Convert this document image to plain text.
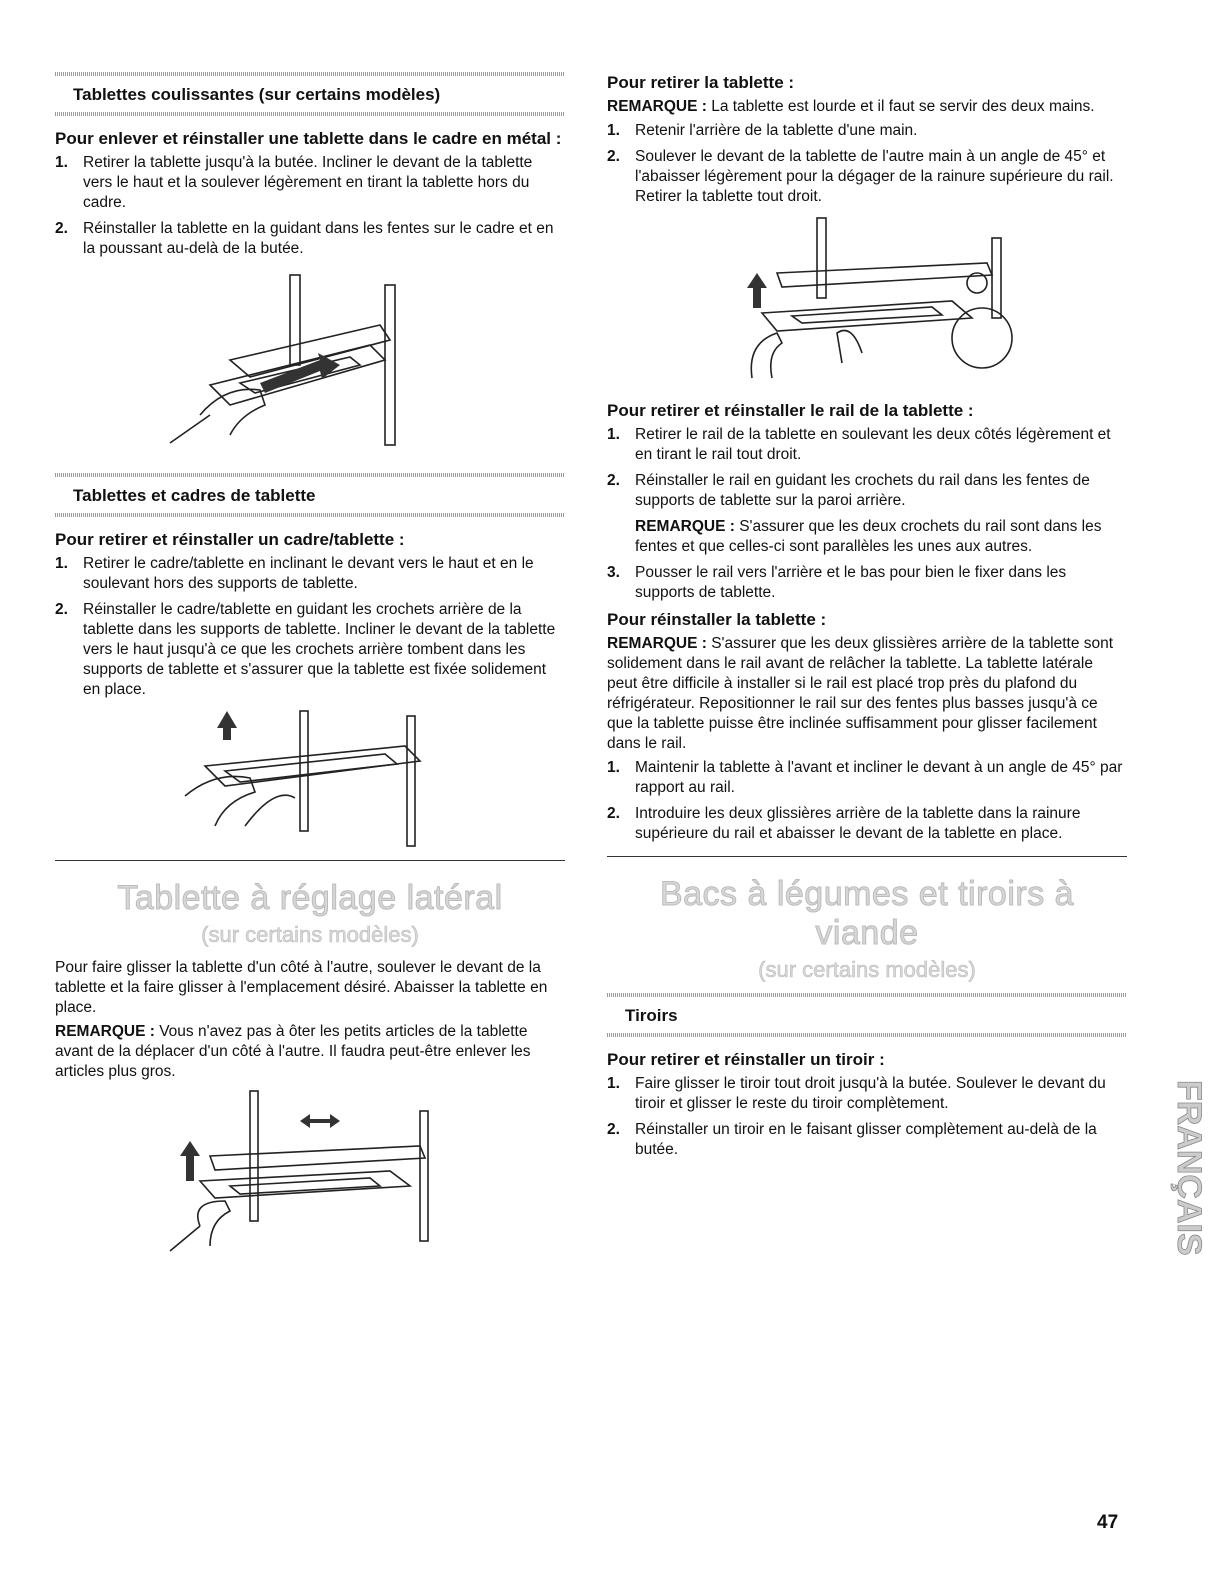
Tablettes coulissantes (sur certains modèles)
Pour enlever et réinstaller une tablette dans le cadre en métal :
1. Retirer la tablette jusqu'à la butée. Incliner le devant de la tablette vers le haut et la soulever légèrement en tirant la tablette hors du cadre.
2. Réinstaller la tablette en la guidant dans les fentes sur le cadre et en la poussant au-delà de la butée.
Tablettes et cadres de tablette
Pour retirer et réinstaller un cadre/tablette :
1. Retirer le cadre/tablette en inclinant le devant vers le haut et en le soulevant hors des supports de tablette.
2. Réinstaller le cadre/tablette en guidant les crochets arrière de la tablette dans les supports de tablette. Incliner le devant de la tablette vers le haut jusqu'à ce que les crochets arrière tombent dans les supports de tablette et s'assurer que la tablette est fixée solidement en place.
Tablette à réglage latéral
(sur certains modèles)

Pour faire glisser la tablette d'un côté à l'autre, soulever le devant de la tablette et la faire glisser à l'emplacement désiré. Abaisser la tablette en place.

REMARQUE : Vous n'avez pas à ôter les petits articles de la tablette avant de la déplacer d'un côté à l'autre. Il faudra peut-être enlever les articles plus gros.

Pour retirer la tablette :

REMARQUE : La tablette est lourde et il faut se servir des deux mains.

1. Retenir l'arrière de la tablette d'une main.
2. Soulever le devant de la tablette de l'autre main à un angle de 45° et l'abaisser légèrement pour la dégager de la rainure supérieure du rail. Retirer la tablette tout droit.
Pour retirer et réinstaller le rail de la tablette :
1. Retirer le rail de la tablette en soulevant les deux côtés légèrement et en tirant le rail tout droit.
2. Réinstaller le rail en guidant les crochets du rail dans les fentes de supports de tablette sur la paroi arrière.

REMARQUE : S'assurer que les deux crochets du rail sont dans les fentes et que celles-ci sont parallèles les unes aux autres.

3. Pousser le rail vers l'arrière et le bas pour bien le fixer dans les supports de tablette.
Pour réinstaller la tablette :

REMARQUE : S'assurer que les deux glissières arrière de la tablette sont solidement dans le rail avant de relâcher la tablette. La tablette latérale peut être difficile à installer si le rail est placé trop près du plafond du réfrigérateur. Repositionner le rail sur des fentes plus basses jusqu'à ce que la tablette puisse être inclinée suffisamment pour glisser facilement dans le rail.

1. Maintenir la tablette à l'avant et incliner le devant à un angle de 45° par rapport au rail.
2. Introduire les deux glissières arrière de la tablette dans la rainure supérieure du rail et abaisser le devant de la tablette en place.
Bacs à légumes et tiroirs à viande
(sur certains modèles)
Tiroirs
Pour retirer et réinstaller un tiroir :
1. Faire glisser le tiroir tout droit jusqu'à la butée. Soulever le devant du tiroir et glisser le reste du tiroir complètement.
2. Réinstaller un tiroir en le faisant glisser complètement au-delà de la butée.	FRANÇAIS
47
